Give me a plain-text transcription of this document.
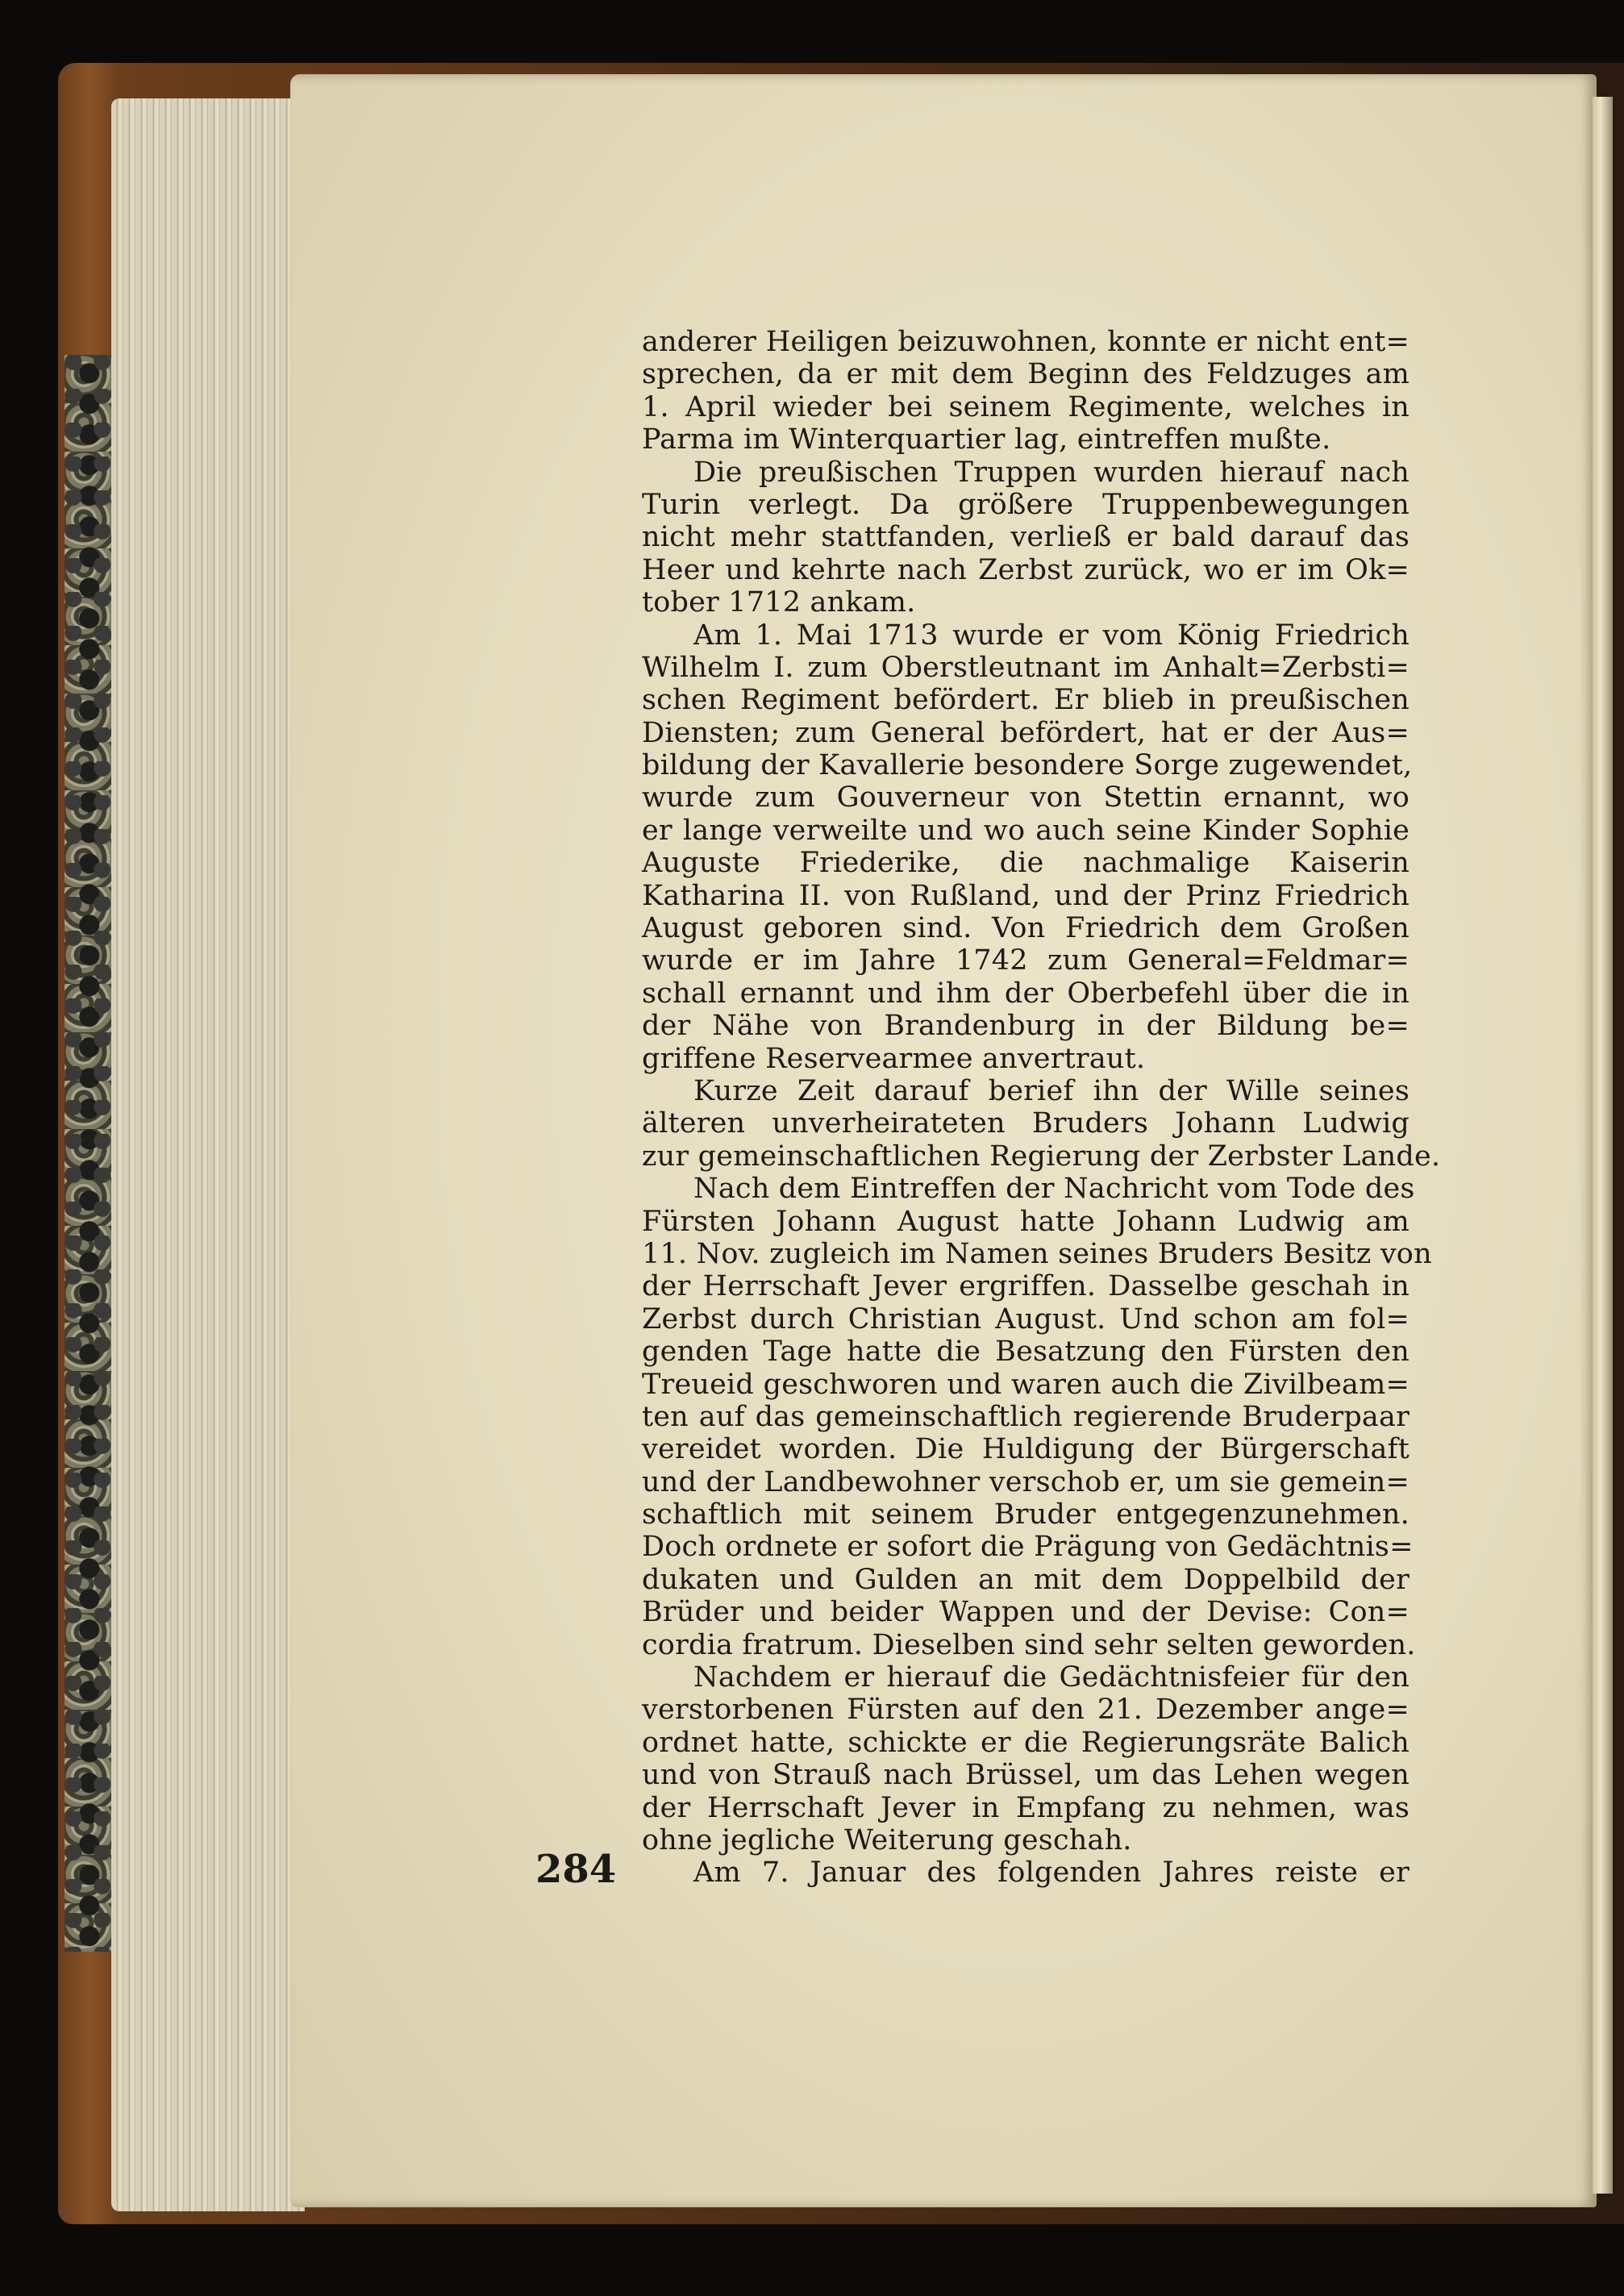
anderer Heiligen beizuwohnen, konnte er nicht ent=
sprechen, da er mit dem Beginn des Feldzuges am
1. April wieder bei seinem Regimente, welches in
Parma im Winterquartier lag, eintreffen mußte.
Die preußischen Truppen wurden hierauf nach
Turin verlegt. Da größere Truppenbewegungen
nicht mehr stattfanden, verließ er bald darauf das
Heer und kehrte nach Zerbst zurück, wo er im Ok=
tober 1712 ankam.
Am 1. Mai 1713 wurde er vom König Friedrich
Wilhelm I. zum Oberstleutnant im Anhalt=Zerbsti=
schen Regiment befördert. Er blieb in preußischen
Diensten; zum General befördert, hat er der Aus=
bildung der Kavallerie besondere Sorge zugewendet,
wurde zum Gouverneur von Stettin ernannt, wo
er lange verweilte und wo auch seine Kinder Sophie
Auguste Friederike, die nachmalige Kaiserin
Katharina II. von Rußland, und der Prinz Friedrich
August geboren sind. Von Friedrich dem Großen
wurde er im Jahre 1742 zum General=Feldmar=
schall ernannt und ihm der Oberbefehl über die in
der Nähe von Brandenburg in der Bildung be=
griffene Reservearmee anvertraut.
Kurze Zeit darauf berief ihn der Wille seines
älteren unverheirateten Bruders Johann Ludwig
zur gemeinschaftlichen Regierung der Zerbster Lande.
Nach dem Eintreffen der Nachricht vom Tode des
Fürsten Johann August hatte Johann Ludwig am
11. Nov. zugleich im Namen seines Bruders Besitz von
der Herrschaft Jever ergriffen. Dasselbe geschah in
Zerbst durch Christian August. Und schon am fol=
genden Tage hatte die Besatzung den Fürsten den
Treueid geschworen und waren auch die Zivilbeam=
ten auf das gemeinschaftlich regierende Bruderpaar
vereidet worden. Die Huldigung der Bürgerschaft
und der Landbewohner verschob er, um sie gemein=
schaftlich mit seinem Bruder entgegenzunehmen.
Doch ordnete er sofort die Prägung von Gedächtnis=
dukaten und Gulden an mit dem Doppelbild der
Brüder und beider Wappen und der Devise: Con=
cordia fratrum. Dieselben sind sehr selten geworden.
Nachdem er hierauf die Gedächtnisfeier für den
verstorbenen Fürsten auf den 21. Dezember ange=
ordnet hatte, schickte er die Regierungsräte Balich
und von Strauß nach Brüssel, um das Lehen wegen
der Herrschaft Jever in Empfang zu nehmen, was
ohne jegliche Weiterung geschah.
Am 7. Januar des folgenden Jahres reiste er
284
